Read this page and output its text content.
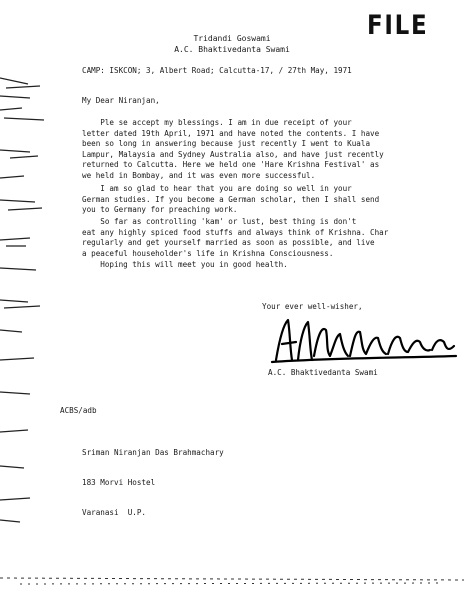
FILE
Tridandi Goswami
A.C. Bhaktivedanta Swami
CAMP: ISKCON; 3, Albert Road; Calcutta-17, / 27th May, 1971
My Dear Niranjan,
Ple se accept my blessings. I am in due receipt of your
letter dated 19th April, 1971 and have noted the contents. I have
been so long in answering because just recently I went to Kuala
Lampur, Malaysia and Sydney Australia also, and have just recently
returned to Calcutta. Here we held one 'Hare Krishna Festival' as
we held in Bombay, and it was even more successful.
I am so glad to hear that you are doing so well in your
German studies. If you become a German scholar, then I shall send
you to Germany for preaching work.
So far as controlling 'kam' or lust, best thing is don't
eat any highly spiced food stuffs and always think of Krishna. Char
regularly and get yourself married as soon as possible, and live
a peaceful householder's life in Krishna Consciousness.
Hoping this will meet you in good health.
Your ever well-wisher,
A.C. Bhaktivedanta Swami
ACBS/adb

Sriman Niranjan Das Brahmachary

183 Morvi Hostel

Varanasi  U.P.
